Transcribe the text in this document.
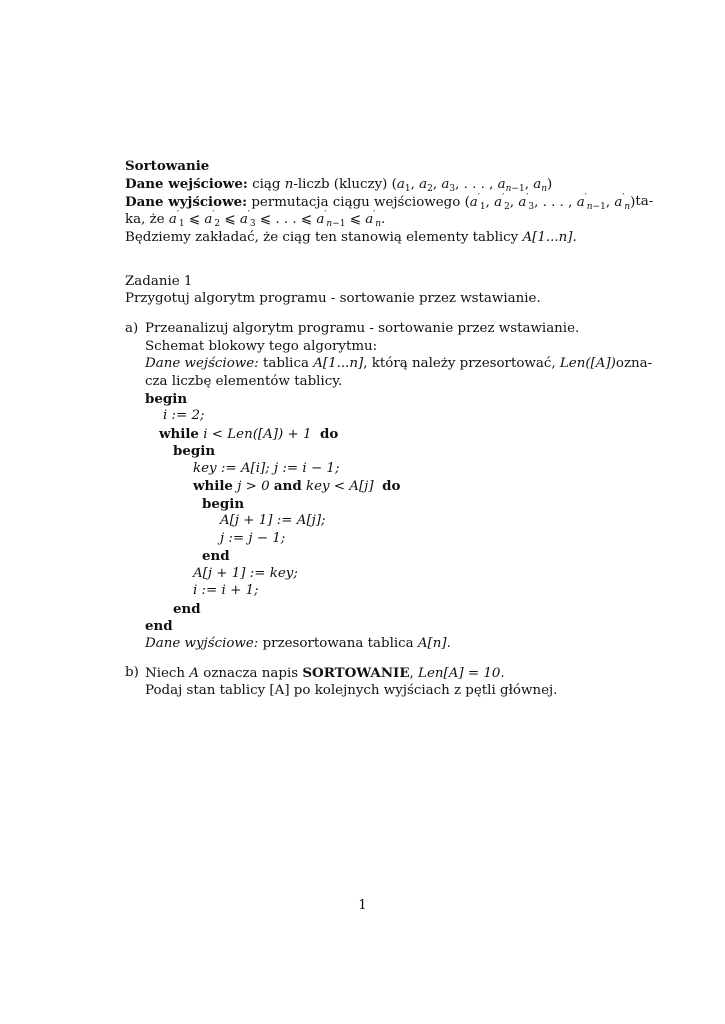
Sortowanie
Dane wejściowe: ciąg n-liczb (kluczy) ($a_1$, $a_2$, $a_3$, . . . , $a_{n-1}$, $a_n$)
Dane wyjściowe: permutacja ciągu wejściowego ($a'_1$, $a'_2$, $a'_3$, . . . , $a'_{n-1}$, $a'_n$) ta-
ka, że $a'_1$ ⩽ $a'_2$ ⩽ $a'_3$ ⩽ . . . ⩽ $a'_{n-1}$ ⩽ $a'_n$.
Będziemy zakładać, że ciąg ten stanowią elementy tablicy A[1...n].
Zadanie 1
Przygotuj algorytm programu - sortowanie przez wstawianie.
a) Przeanalizuj algorytm programu - sortowanie przez wstawianie.
Schemat blokowy tego algorytmu:
Dane wejściowe: tablica A[1...n], którą należy przesortować, Len([A]) ozna-
cza liczbę elementów tablicy.
begin
i := 2;
while i < Len([A]) + 1 do
begin
key := A[i]; j := i − 1;
while j > 0 and key < A[j] do
begin
A[j + 1] := A[j];
j := j − 1;
end
A[j + 1] := key;
i := i + 1;
end
end
Dane wyjściowe: przesortowana tablica A[n].
b) Niech A oznacza napis SORTOWANIE, Len[A] = 10.
Podaj stan tablicy [A] po kolejnych wyjściach z pętli głównej.
1
